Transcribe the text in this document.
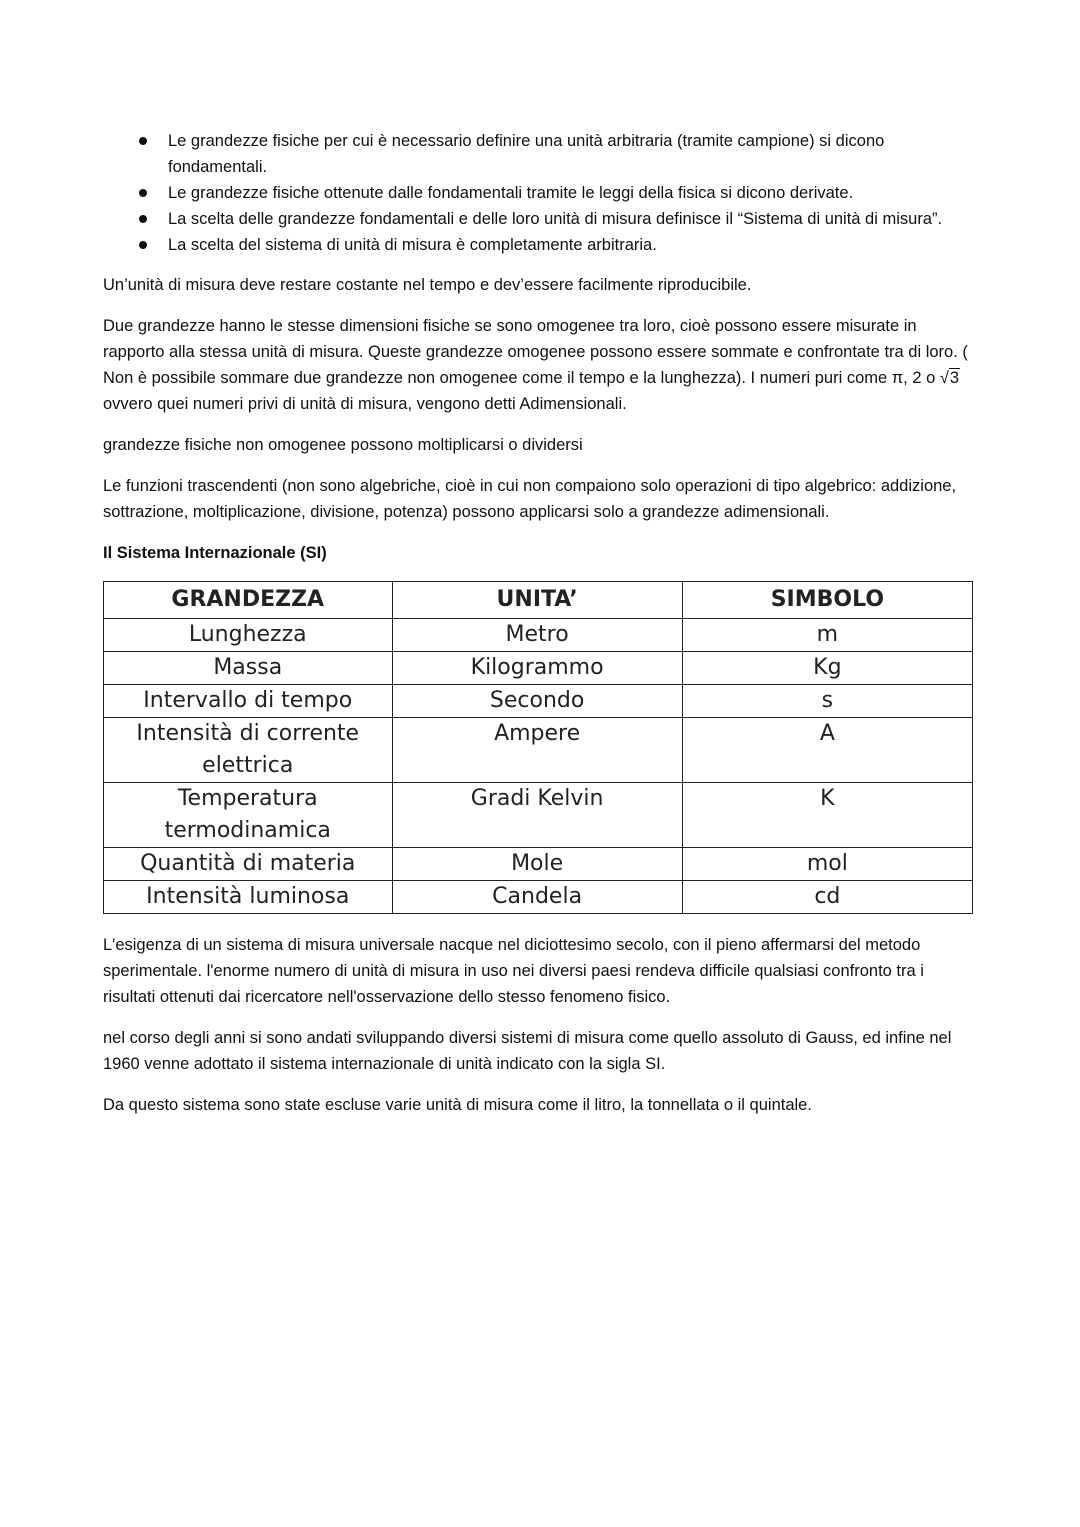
Le grandezze fisiche per cui è necessario definire una unità arbitraria (tramite campione) si dicono fondamentali.
Le grandezze fisiche ottenute dalle fondamentali tramite le leggi della fisica si dicono derivate.
La scelta delle grandezze fondamentali e delle loro unità di misura definisce il “Sistema di unità di misura”.
La scelta del sistema di unità di misura è completamente arbitraria.

Un’unità di misura deve restare costante nel tempo e dev’essere facilmente riproducibile.

Due grandezze hanno le stesse dimensioni fisiche se sono omogenee tra loro, cioè possono essere misurate in rapporto alla stessa unità di misura. Queste grandezze omogenee possono essere sommate e confrontate tra di loro. ( Non è possibile sommare due grandezze non omogenee come il tempo e la lunghezza). I numeri puri come π, 2 o √3 ovvero quei numeri privi di unità di misura, vengono detti Adimensionali.

grandezze fisiche non omogenee possono moltiplicarsi o dividersi

Le funzioni trascendenti (non sono algebriche, cioè in cui non compaiono solo operazioni di tipo algebrico: addizione, sottrazione, moltiplicazione, divisione, potenza) possono applicarsi solo a grandezze adimensionali.

Il Sistema Internazionale (SI)
GRANDEZZA	UNITA’	SIMBOLO
Lunghezza	Metro	m
Massa	Kilogrammo	Kg
Intervallo di tempo	Secondo	s
Intensità di corrente elettrica	Ampere	A
Temperatura termodinamica	Gradi Kelvin	K
Quantità di materia	Mole	mol
Intensità luminosa	Candela	cd

L'esigenza di un sistema di misura universale nacque nel diciottesimo secolo, con il pieno affermarsi del metodo sperimentale. l'enorme numero di unità di misura in uso nei diversi paesi rendeva difficile qualsiasi confronto tra i risultati ottenuti dai ricercatore nell'osservazione dello stesso fenomeno fisico.

nel corso degli anni si sono andati sviluppando diversi sistemi di misura come quello assoluto di Gauss, ed infine nel 1960 venne adottato il sistema internazionale di unità indicato con la sigla SI.

Da questo sistema sono state escluse varie unità di misura come il litro, la tonnellata o il quintale.
